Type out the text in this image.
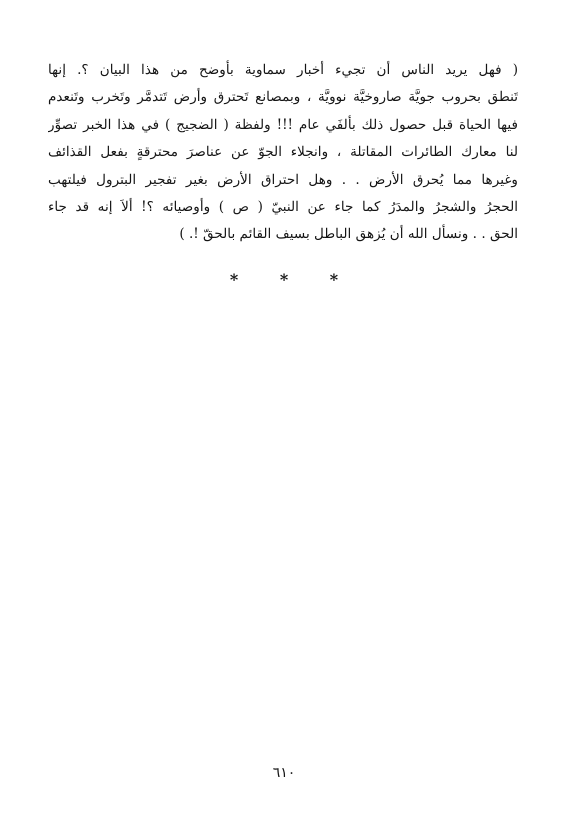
( فهل يريد الناس أن تجيء أخبار سماوية بأوضح من هذا البيان ؟. إنها
تَنطق بحروب جويَّة صاروخيَّة نوويَّة ، وبمصانع تَحترق وأرض تَتدمَّر وتَخرب وتَنعدم
فيها الحياة قبل حصول ذلك بألفَي عام !!! ولفظة ( الضجيج ) في هذا الخبر تصوِّر
لنا معارك الطائرات المقاتلة ، وانجلاء الجوّ عن عناصرَ محترقةٍ بفعل القذائف
وغيرها مما يُحرق الأرض . . وهل احتراق الأرض بغير تفجير البترول فيلتهب
الحجرُ والشجرُ والمدَرُ كما جاء عن النبيّ ( ص ) وأوصيائه ؟! ألاَ إنه قد جاء
الحق . . ونسأل الله أن يُزهق الباطل بسيف القائم بالحقّ !. )
* * *
٦١٠
